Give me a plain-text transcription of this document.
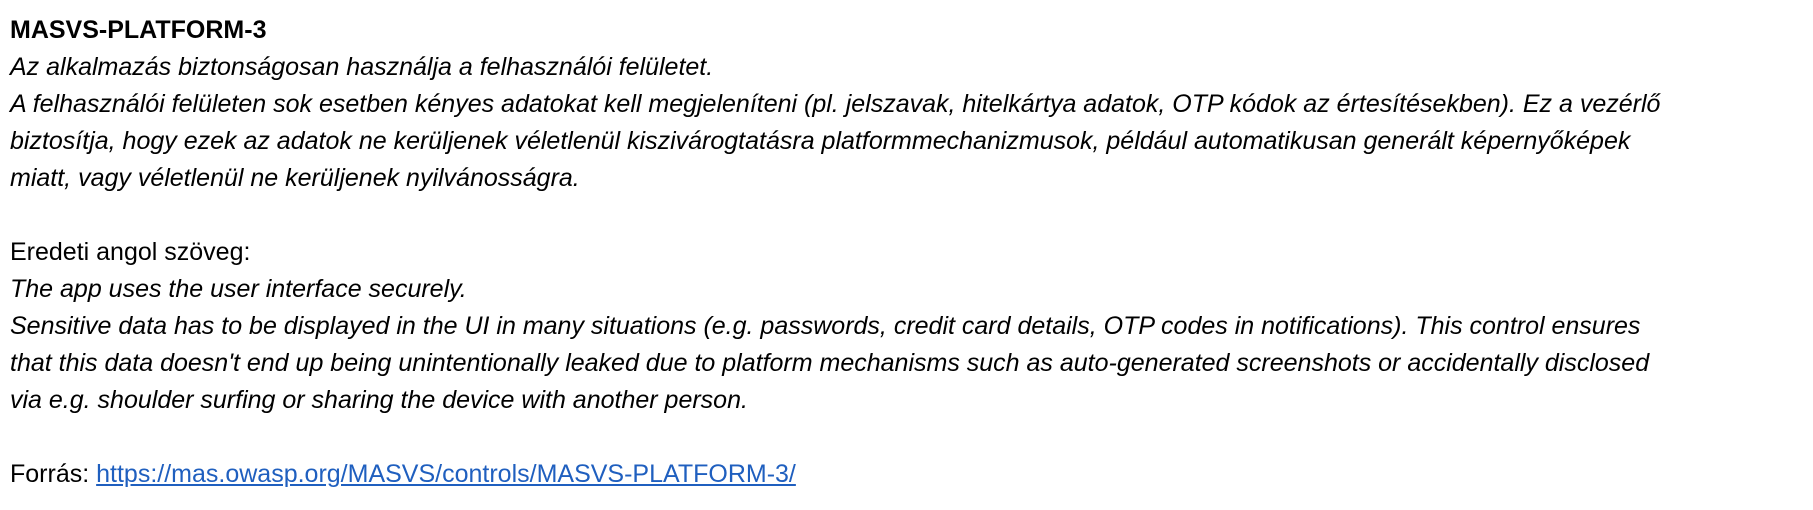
MASVS-PLATFORM-3
Az alkalmazás biztonságosan használja a felhasználói felületet.
A felhasználói felületen sok esetben kényes adatokat kell megjeleníteni (pl. jelszavak, hitelkártya adatok, OTP kódok az értesítésekben). Ez a vezérlő
biztosítja, hogy ezek az adatok ne kerüljenek véletlenül kiszivárogtatásra platformmechanizmusok, például automatikusan generált képernyőképek
miatt, vagy véletlenül ne kerüljenek nyilvánosságra.
Eredeti angol szöveg:
The app uses the user interface securely.
Sensitive data has to be displayed in the UI in many situations (e.g. passwords, credit card details, OTP codes in notifications). This control ensures
that this data doesn't end up being unintentionally leaked due to platform mechanisms such as auto-generated screenshots or accidentally disclosed
via e.g. shoulder surfing or sharing the device with another person.
Forrás: https://mas.owasp.org/MASVS/controls/MASVS-PLATFORM-3/
